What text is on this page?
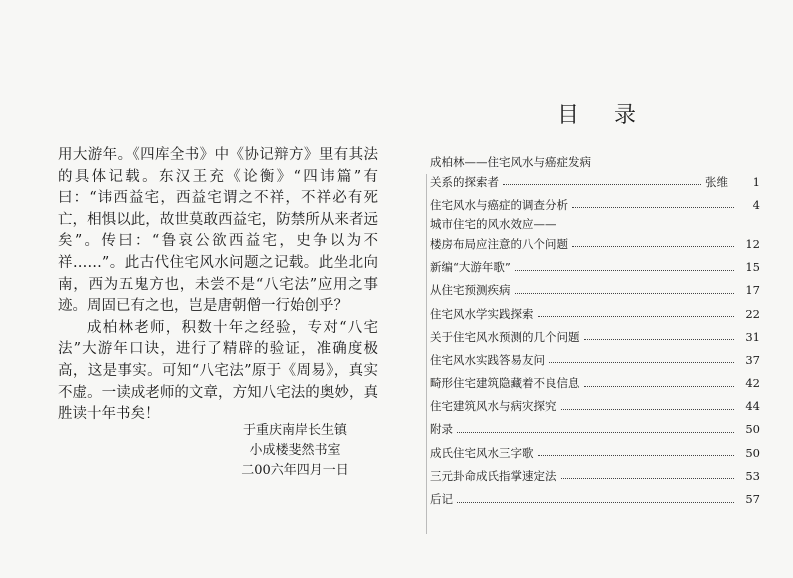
用大游年。《四库全书》中《协记辩方》里有其法的具体记载。东汉王充《论衡》“四讳篇”有曰：“讳西益宅，西益宅谓之不祥，不祥必有死亡，相惧以此，故世莫敢西益宅，防禁所从来者远矣”。传曰：“鲁哀公欲西益宅，史争以为不祥……”。此古代住宅风水问题之记载。此坐北向南，西为五鬼方也，未尝不是“八宅法”应用之事迹。周固已有之也，岂是唐朝僧一行始创乎？

成柏林老师，积数十年之经验，专对“八宅法”大游年口诀，进行了精辟的验证，准确度极高，这是事实。可知“八宅法”原于《周易》，真实不虚。一读成老师的文章，方知八宅法的奥妙，真胜读十年书矣！

于重庆南岸长生镇
小成楼斐然书室
二00六年四月一日
目 录
成柏林——住宅风水与癌症发病
关系的探索者	张维	1
住宅风水与癌症的调查分析	4
城市住宅的风水效应——
楼房布局应注意的八个问题	12
新编“大游年歌”	15
从住宅预测疾病	17
住宅风水学实践探索	22
关于住宅风水预测的几个问题	31
住宅风水实践答易友问	37
畸形住宅建筑隐藏着不良信息	42
住宅建筑风水与病灾探究	44
附录	50
成氏住宅风水三字歌	50
三元卦命成氏指掌速定法	53
后记	57
